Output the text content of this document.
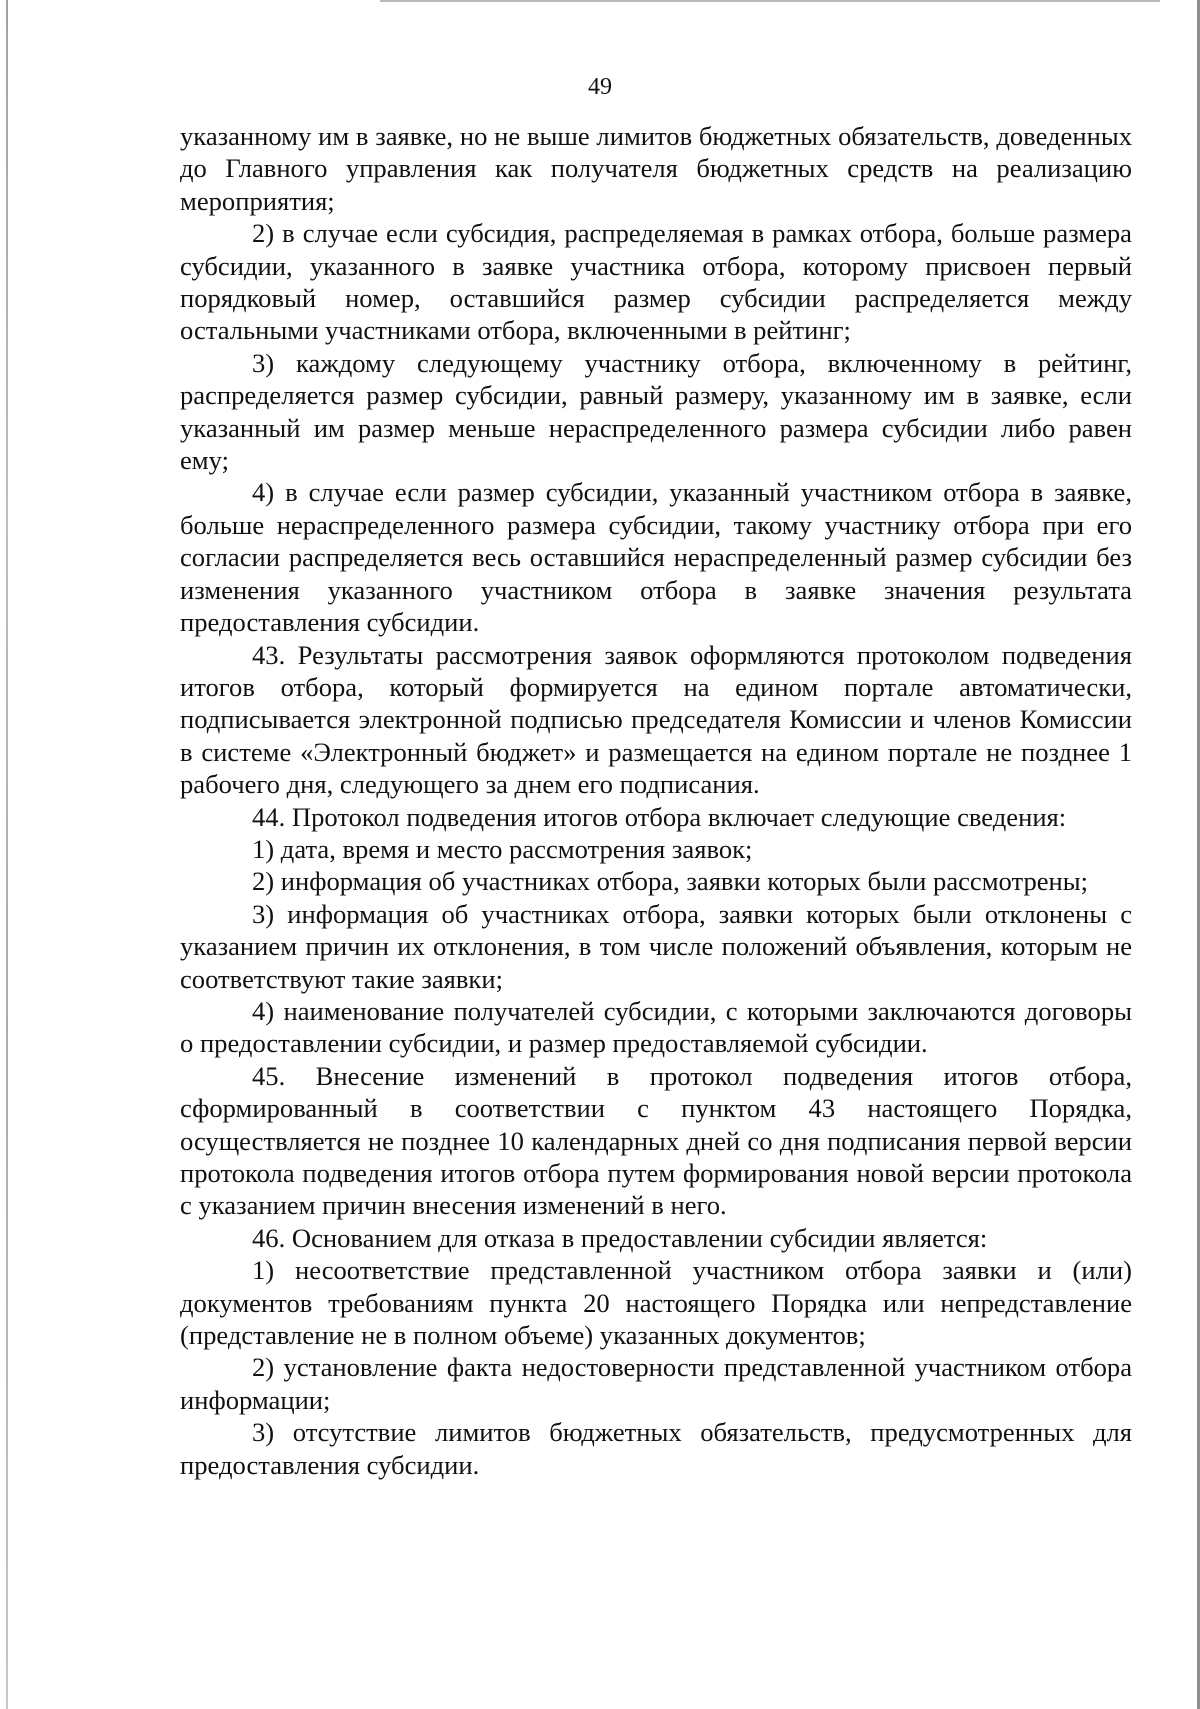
49

указанному им в заявке, но не выше лимитов бюджетных обязательств, доведенных до Главного управления как получателя бюджетных средств на реализацию мероприятия;

2) в случае если субсидия, распределяемая в рамках отбора, больше размера субсидии, указанного в заявке участника отбора, которому присвоен первый порядковый номер, оставшийся размер субсидии распределяется между остальными участниками отбора, включенными в рейтинг;

3) каждому следующему участнику отбора, включенному в рейтинг, распределяется размер субсидии, равный размеру, указанному им в заявке, если указанный им размер меньше нераспределенного размера субсидии либо равен ему;

4) в случае если размер субсидии, указанный участником отбора в заявке, больше нераспределенного размера субсидии, такому участнику отбора при его согласии распределяется весь оставшийся нераспределенный размер субсидии без изменения указанного участником отбора в заявке значения результата предоставления субсидии.

43. Результаты рассмотрения заявок оформляются протоколом подведения итогов отбора, который формируется на едином портале автоматически, подписывается электронной подписью председателя Комиссии и членов Комиссии в системе «Электронный бюджет» и размещается на едином портале не позднее 1 рабочего дня, следующего за днем его подписания.

44. Протокол подведения итогов отбора включает следующие сведения:

1) дата, время и место рассмотрения заявок;

2) информация об участниках отбора, заявки которых были рассмотрены;

3) информация об участниках отбора, заявки которых были отклонены с указанием причин их отклонения, в том числе положений объявления, которым не соответствуют такие заявки;

4) наименование получателей субсидии, с которыми заключаются договоры о предоставлении субсидии, и размер предоставляемой субсидии.

45. Внесение изменений в протокол подведения итогов отбора, сформированный в соответствии с пунктом 43 настоящего Порядка, осуществляется не позднее 10 календарных дней со дня подписания первой версии протокола подведения итогов отбора путем формирования новой версии протокола с указанием причин внесения изменений в него.

46. Основанием для отказа в предоставлении субсидии является:

1) несоответствие представленной участником отбора заявки и (или) документов требованиям пункта 20 настоящего Порядка или непредставление (представление не в полном объеме) указанных документов;

2) установление факта недостоверности представленной участником отбора информации;

3) отсутствие лимитов бюджетных обязательств, предусмотренных для предоставления субсидии.
